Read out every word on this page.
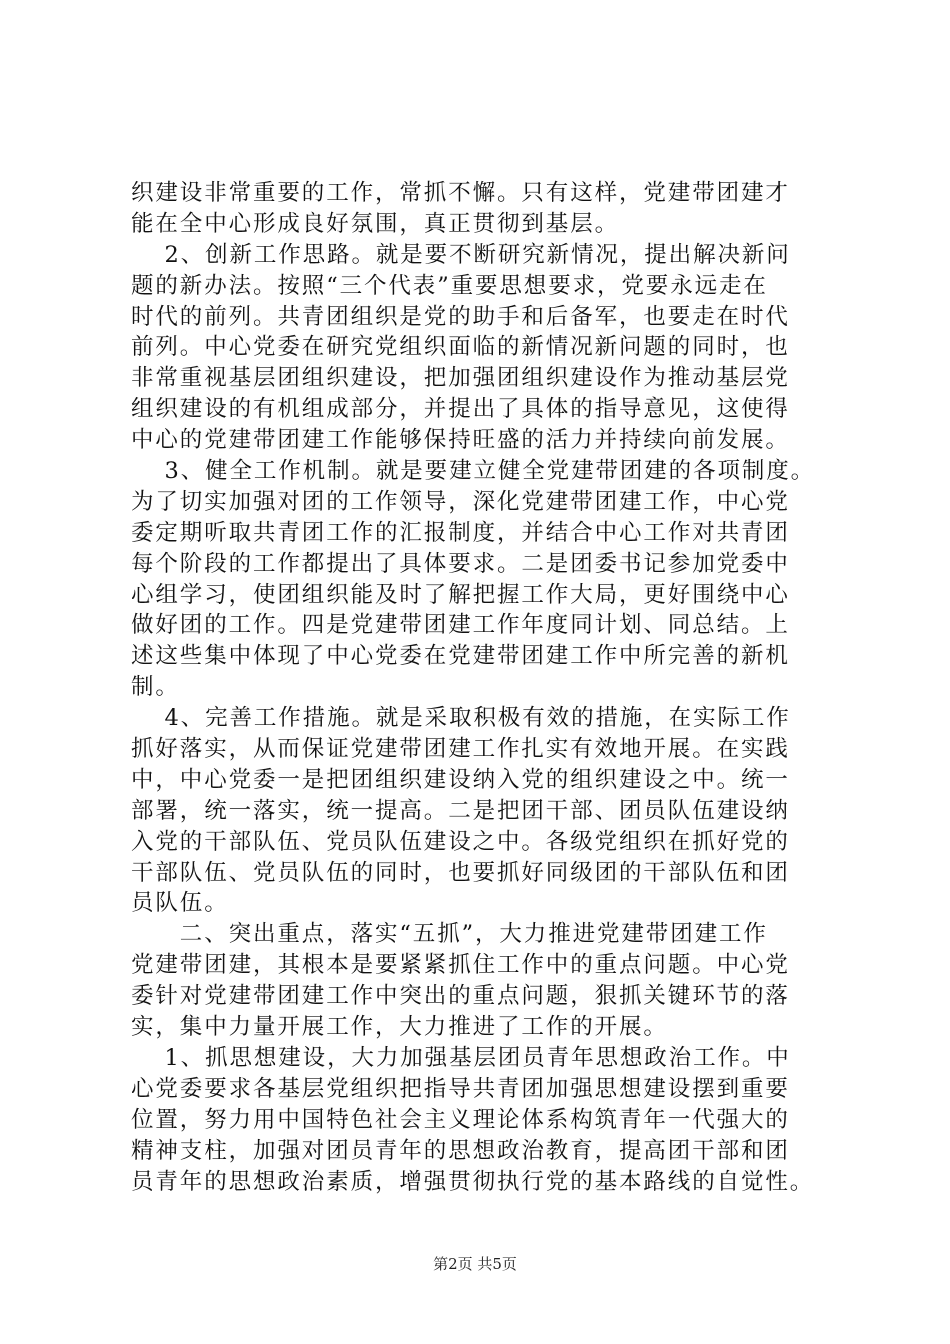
织建设非常重要的工作，常抓不懈。只有这样，党建带团建才
能在全中心形成良好氛围，真正贯彻到基层。
　 2、创新工作思路。就是要不断研究新情况，提出解决新问
题的新办法。按照“三个代表”重要思想要求，党要永远走在
时代的前列。共青团组织是党的助手和后备军，也要走在时代
前列。中心党委在研究党组织面临的新情况新问题的同时，也
非常重视基层团组织建设，把加强团组织建设作为推动基层党
组织建设的有机组成部分，并提出了具体的指导意见，这使得
中心的党建带团建工作能够保持旺盛的活力并持续向前发展。
　 3、健全工作机制。就是要建立健全党建带团建的各项制度。
为了切实加强对团的工作领导，深化党建带团建工作，中心党
委定期听取共青团工作的汇报制度，并结合中心工作对共青团
每个阶段的工作都提出了具体要求。二是团委书记参加党委中
心组学习，使团组织能及时了解把握工作大局，更好围绕中心
做好团的工作。四是党建带团建工作年度同计划、同总结。上
述这些集中体现了中心党委在党建带团建工作中所完善的新机
制。
　 4、完善工作措施。就是采取积极有效的措施，在实际工作
抓好落实，从而保证党建带团建工作扎实有效地开展。在实践
中，中心党委一是把团组织建设纳入党的组织建设之中。统一
部署，统一落实，统一提高。二是把团干部、团员队伍建设纳
入党的干部队伍、党员队伍建设之中。各级党组织在抓好党的
干部队伍、党员队伍的同时，也要抓好同级团的干部队伍和团
员队伍。
　　二、突出重点，落实“五抓”，大力推进党建带团建工作
党建带团建，其根本是要紧紧抓住工作中的重点问题。中心党
委针对党建带团建工作中突出的重点问题，狠抓关键环节的落
实，集中力量开展工作，大力推进了工作的开展。
　 1、抓思想建设，大力加强基层团员青年思想政治工作。中
心党委要求各基层党组织把指导共青团加强思想建设摆到重要
位置，努力用中国特色社会主义理论体系构筑青年一代强大的
精神支柱，加强对团员青年的思想政治教育，提高团干部和团
员青年的思想政治素质，增强贯彻执行党的基本路线的自觉性。
第2页 共5页
